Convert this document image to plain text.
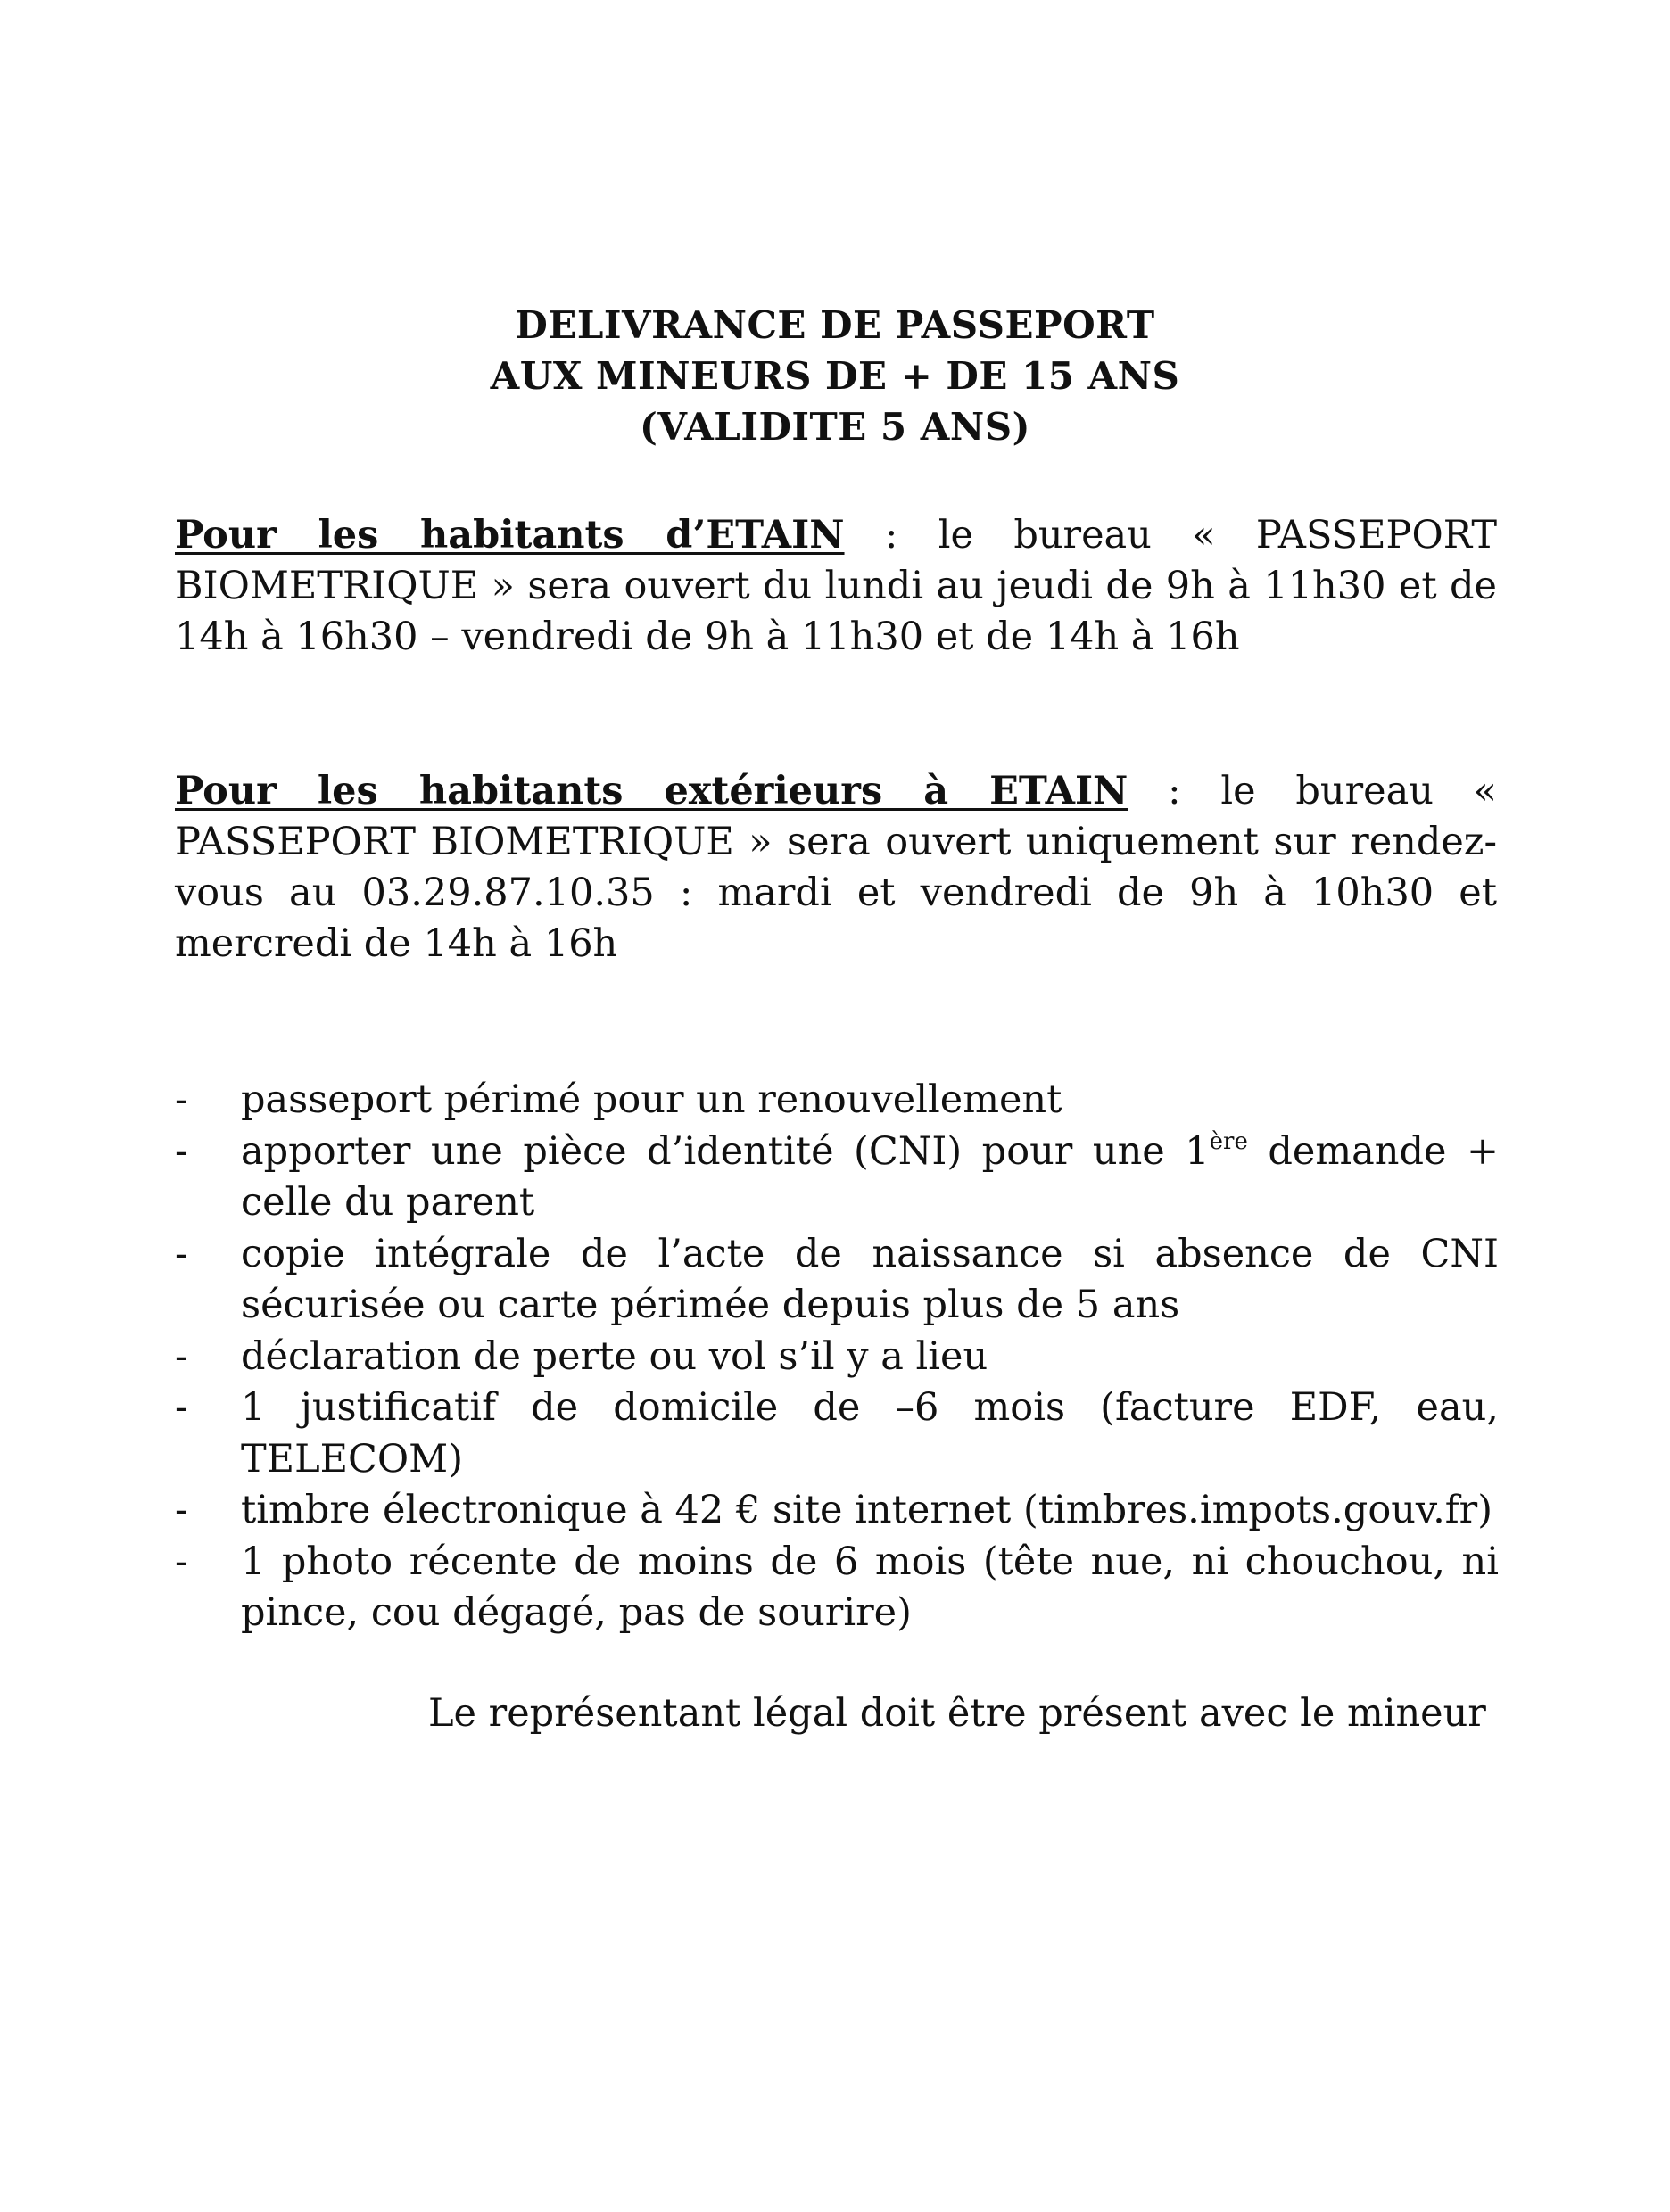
DELIVRANCE DE PASSEPORT
AUX MINEURS DE + DE 15 ANS
(VALIDITE 5 ANS)

Pour les habitants d’ETAIN : le bureau « PASSEPORT BIOMETRIQUE » sera ouvert du lundi au jeudi de 9h à 11h30 et de 14h à 16h30 – vendredi de 9h à 11h30 et de 14h à 16h

Pour les habitants extérieurs à ETAIN : le bureau « PASSEPORT BIOMETRIQUE » sera ouvert uniquement sur rendez-vous au 03.29.87.10.35 : mardi et vendredi de 9h à 10h30 et mercredi de 14h à 16h

- passeport périmé pour un renouvellement
- apporter une pièce d’identité (CNI) pour une 1ère demande + celle du parent
- copie intégrale de l’acte de naissance si absence de CNI sécurisée ou carte périmée depuis plus de 5 ans
- déclaration de perte ou vol s’il y a lieu
- 1 justificatif de domicile de –6 mois (facture EDF, eau, TELECOM)
- timbre électronique à 42 € site internet (timbres.impots.gouv.fr)
- 1 photo récente de moins de 6 mois (tête nue, ni chouchou, ni pince, cou dégagé, pas de sourire)

Le représentant légal doit être présent avec le mineur
